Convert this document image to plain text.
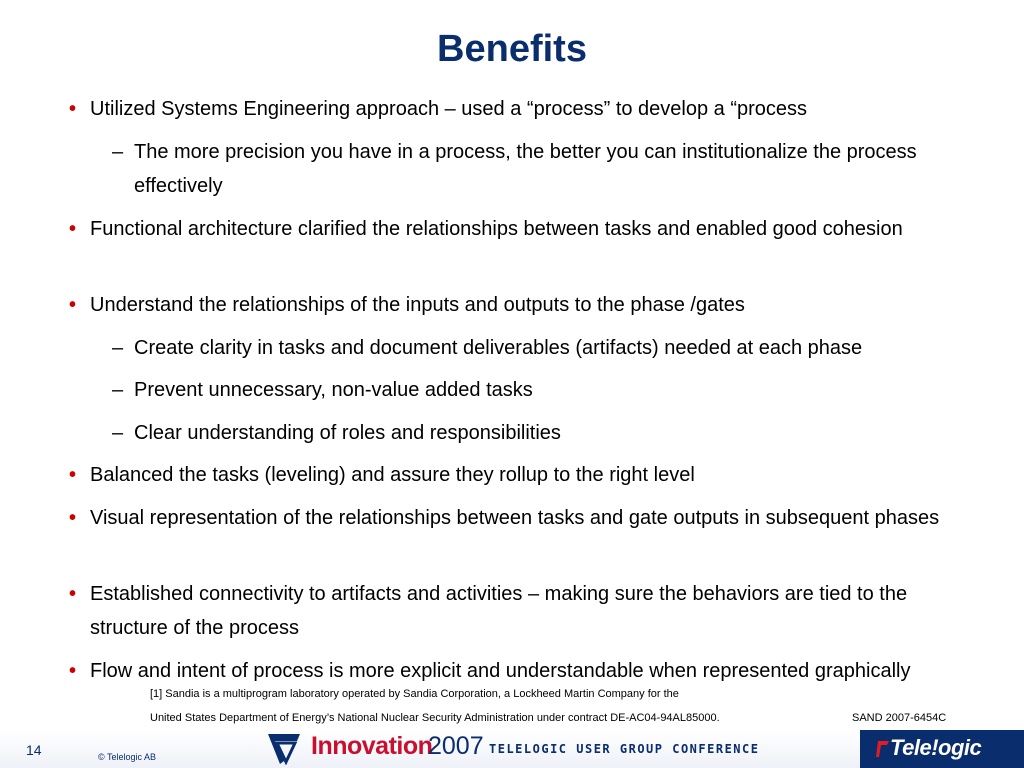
Benefits
• Utilized Systems Engineering approach – used a “process” to develop a “process
– The more precision you have in a process, the better you can institutionalize the process effectively
• Functional architecture clarified the relationships between tasks and enabled good cohesion
• Understand the relationships of the inputs and outputs to the phase /gates
– Create clarity in tasks and document deliverables (artifacts) needed at each phase
– Prevent unnecessary, non-value added tasks
– Clear understanding of roles and responsibilities
• Balanced the tasks (leveling) and assure they rollup to the right level
• Visual representation of the relationships between tasks and gate outputs in subsequent phases
• Established connectivity to artifacts and activities – making sure the behaviors are tied to the structure of the process
• Flow and intent of process is more explicit and understandable when represented graphically
[1] Sandia is a multiprogram laboratory operated by Sandia Corporation, a Lockheed Martin Company for the
United States Department of Energy’s National Nuclear Security Administration under contract DE-AC04-94AL85000.	SAND 2007-6454C
14	© Telelogic AB	Innovation
2007 TELELOGIC USER GROUP CONFERENCE	Tele!ogic
